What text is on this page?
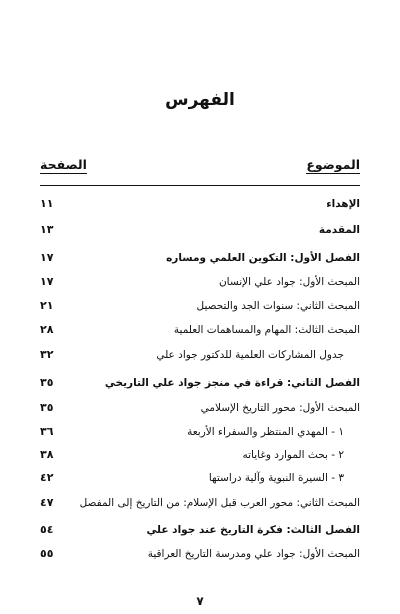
الفهرس
الموضوع
الصفحة
الإهداء
١١
المقدمة
١٣
الفصل الأول: التكوين العلمي ومساره
١٧
المبحث الأول: جواد علي الإنسان
١٧
المبحث الثاني: سنوات الجد والتحصيل
٢١
المبحث الثالث: المهام والمساهمات العلمية
٢٨
جدول المشاركات العلمية للدكتور جواد علي
٣٢
الفصل الثاني: قراءة في منجز جواد علي التاريخي
٣٥
المبحث الأول: محور التاريخ الإسلامي
٣٥
١ - المهدي المنتظر والسفراء الأربعة
٣٦
٢ - بحث الموارد وغاياته
٣٨
٣ - السيرة النبوية وآلية دراستها
٤٢
المبحث الثاني: محور العرب قبل الإسلام: من التاريخ إلى المفصل
٤٧
الفصل الثالث: فكرة التاريخ عند جواد علي
٥٤
المبحث الأول: جواد علي ومدرسة التاريخ العراقية
٥٥
٧
